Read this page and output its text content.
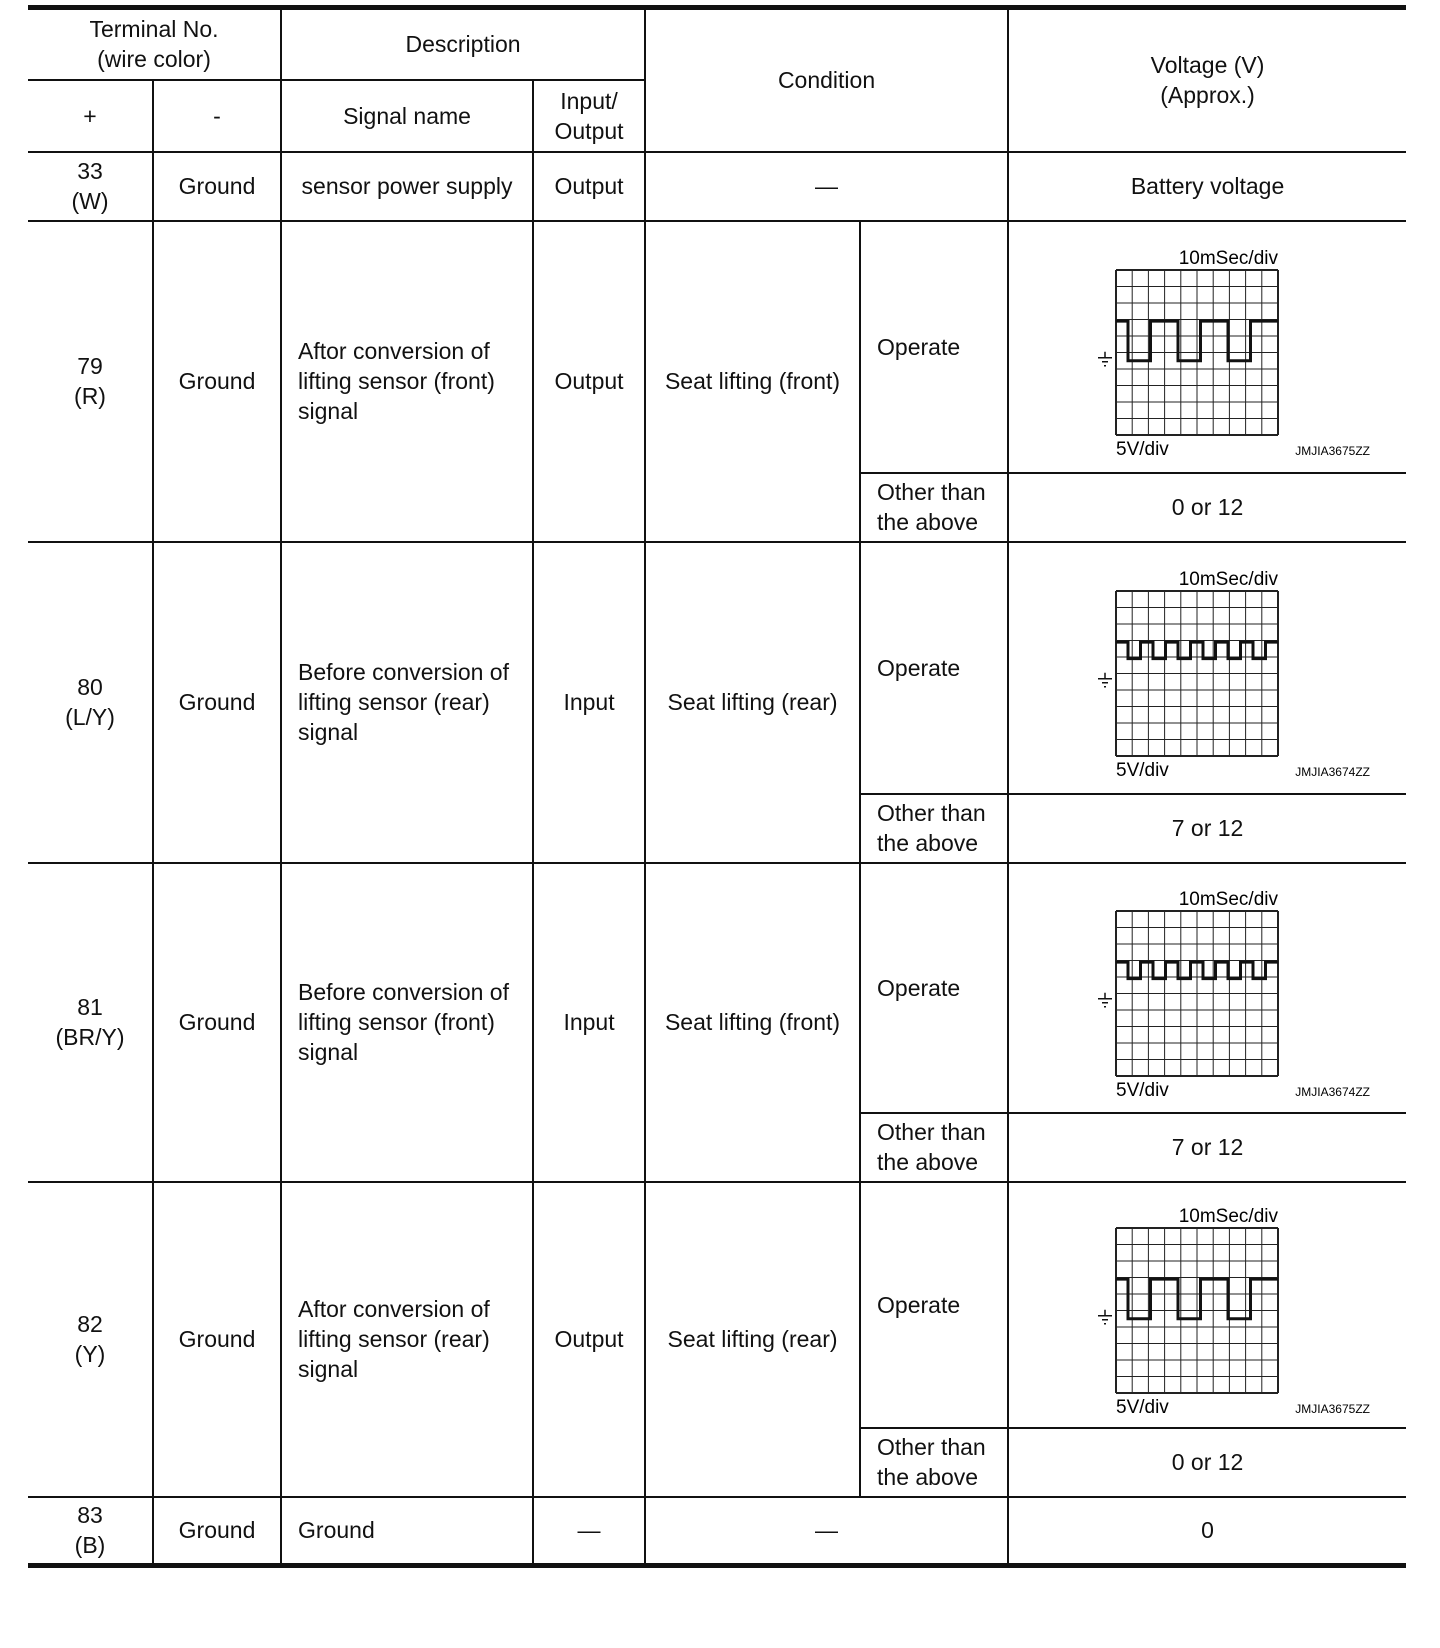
Terminal No.
(wire color)		Description		Condition		Voltage (V)
(Approx.)

+	-	Signal name	Input/
Output			

33
(W)	Ground	sensor power supply	Output	—		Battery voltage

79
(R)	Ground	Aftor conversion of
lifting sensor (front)
signal	Output	Seat lifting (front)	Operate	10mSec/div
5V/div JMJIA3675ZZ

					Other than
the above	0 or 12

80
(L/Y)	Ground	Before conversion of
lifting sensor (rear)
signal	Input	Seat lifting (rear)	Operate	10mSec/div
5V/div JMJIA3674ZZ

					Other than
the above	7 or 12

81
(BR/Y)	Ground	Before conversion of
lifting sensor (front)
signal	Input	Seat lifting (front)	Operate	10mSec/div
5V/div JMJIA3674ZZ

					Other than
the above	7 or 12

82
(Y)	Ground	Aftor conversion of
lifting sensor (rear)
signal	Output	Seat lifting (rear)	Operate	10mSec/div
5V/div JMJIA3675ZZ

					Other than
the above	0 or 12

83
(B)	Ground	Ground	—	—		0
